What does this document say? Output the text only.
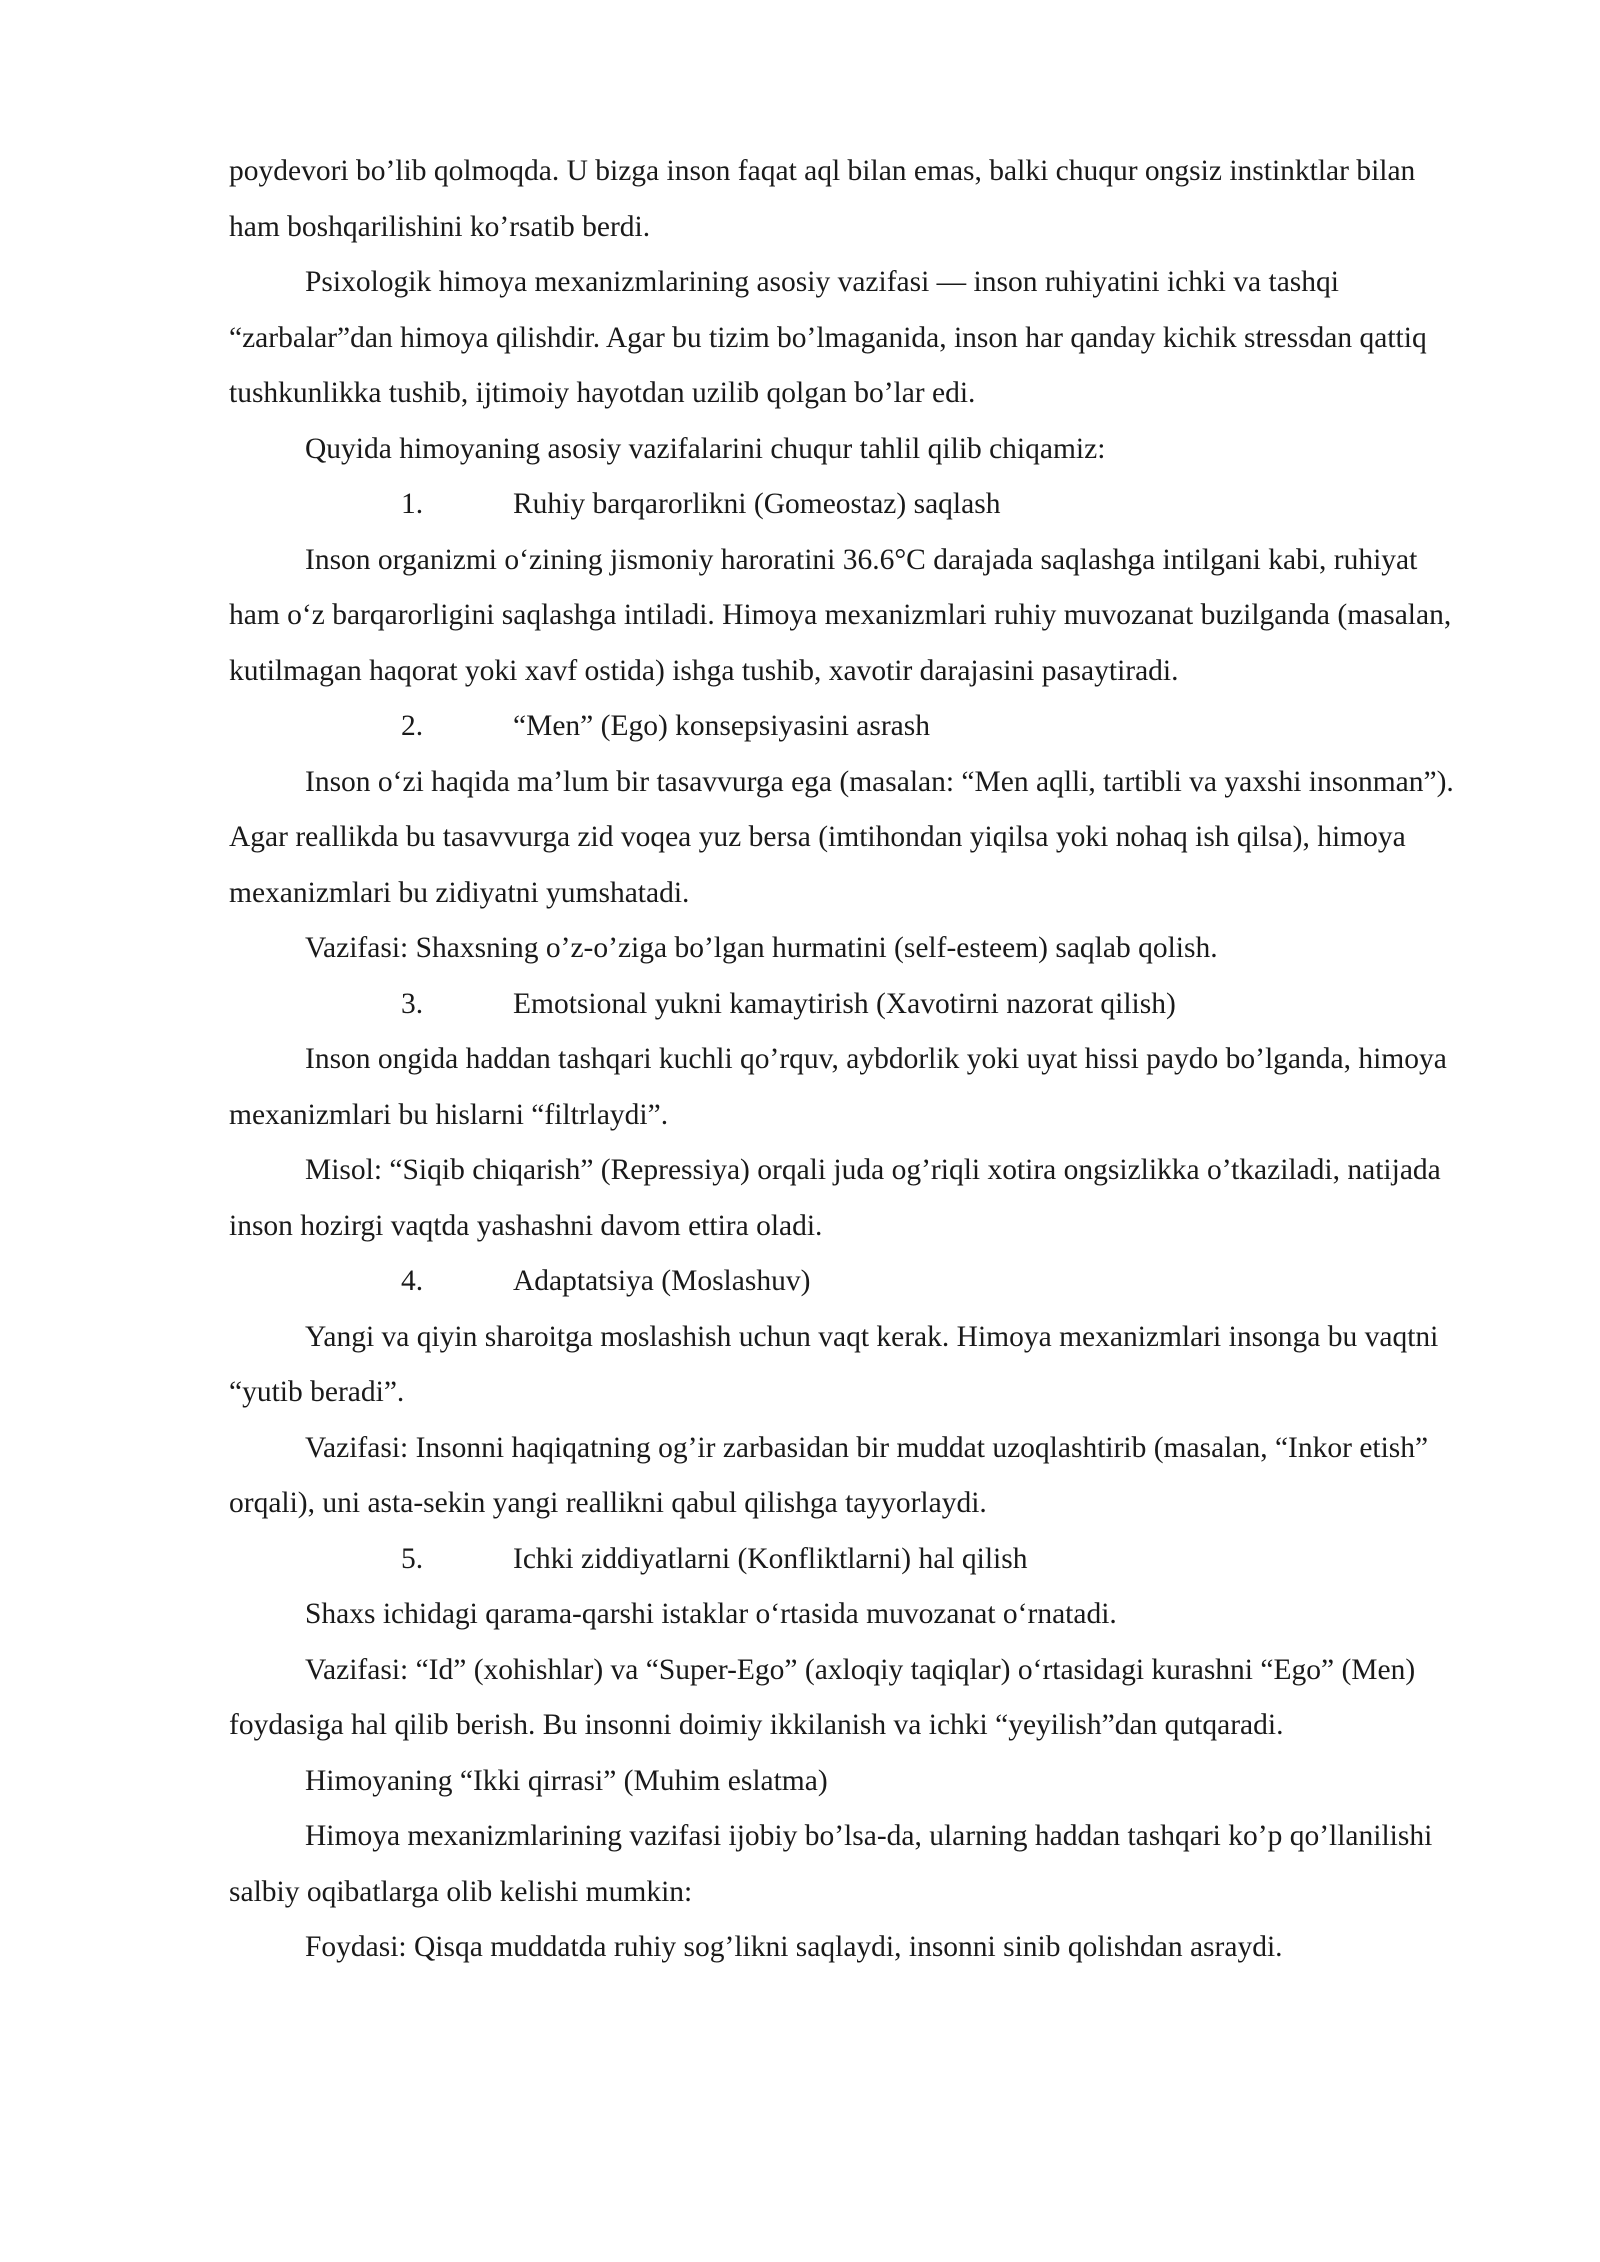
poydevori bo’lib qolmoqda. U bizga inson faqat aql bilan emas, balki chuqur ongsiz instinktlar bilan ham boshqarilishini ko’rsatib berdi.

Psixologik himoya mexanizmlarining asosiy vazifasi — inson ruhiyatini ichki va tashqi “zarbalar”dan himoya qilishdir. Agar bu tizim bo’lmaganida, inson har qanday kichik stressdan qattiq tushkunlikka tushib, ijtimoiy hayotdan uzilib qolgan bo’lar edi.

Quyida himoyaning asosiy vazifalarini chuqur tahlil qilib chiqamiz:

1.	Ruhiy barqarorlikni (Gomeostaz) saqlash

Inson organizmi o‘zining jismoniy haroratini 36.6°C darajada saqlashga intilgani kabi, ruhiyat ham o‘z barqarorligini saqlashga intiladi. Himoya mexanizmlari ruhiy muvozanat buzilganda (masalan, kutilmagan haqorat yoki xavf ostida) ishga tushib, xavotir darajasini pasaytiradi.

2.	“Men” (Ego) konsepsiyasini asrash

Inson o‘zi haqida ma’lum bir tasavvurga ega (masalan: “Men aqlli, tartibli va yaxshi insonman”). Agar reallikda bu tasavvurga zid voqea yuz bersa (imtihondan yiqilsa yoki nohaq ish qilsa), himoya mexanizmlari bu zidiyatni yumshatadi.

Vazifasi: Shaxsning o’z-o’ziga bo’lgan hurmatini (self-esteem) saqlab qolish.

3.	Emotsional yukni kamaytirish (Xavotirni nazorat qilish)

Inson ongida haddan tashqari kuchli qo’rquv, aybdorlik yoki uyat hissi paydo bo’lganda, himoya mexanizmlari bu hislarni “filtrlaydi”.

Misol: “Siqib chiqarish” (Repressiya) orqali juda og’riqli xotira ongsizlikka o’tkaziladi, natijada inson hozirgi vaqtda yashashni davom ettira oladi.

4.	Adaptatsiya (Moslashuv)

Yangi va qiyin sharoitga moslashish uchun vaqt kerak. Himoya mexanizmlari insonga bu vaqtni “yutib beradi”.

Vazifasi: Insonni haqiqatning og’ir zarbasidan bir muddat uzoqlashtirib (masalan, “Inkor etish” orqali), uni asta-sekin yangi reallikni qabul qilishga tayyorlaydi.

5.	Ichki ziddiyatlarni (Konfliktlarni) hal qilish

Shaxs ichidagi qarama-qarshi istaklar o‘rtasida muvozanat o‘rnatadi.

Vazifasi: “Id” (xohishlar) va “Super-Ego” (axloqiy taqiqlar) o‘rtasidagi kurashni “Ego” (Men) foydasiga hal qilib berish. Bu insonni doimiy ikkilanish va ichki “yeyilish”dan qutqaradi.

Himoyaning “Ikki qirrasi” (Muhim eslatma)

Himoya mexanizmlarining vazifasi ijobiy bo’lsa-da, ularning haddan tashqari ko’p qo’llanilishi salbiy oqibatlarga olib kelishi mumkin:

Foydasi: Qisqa muddatda ruhiy sog’likni saqlaydi, insonni sinib qolishdan asraydi.
